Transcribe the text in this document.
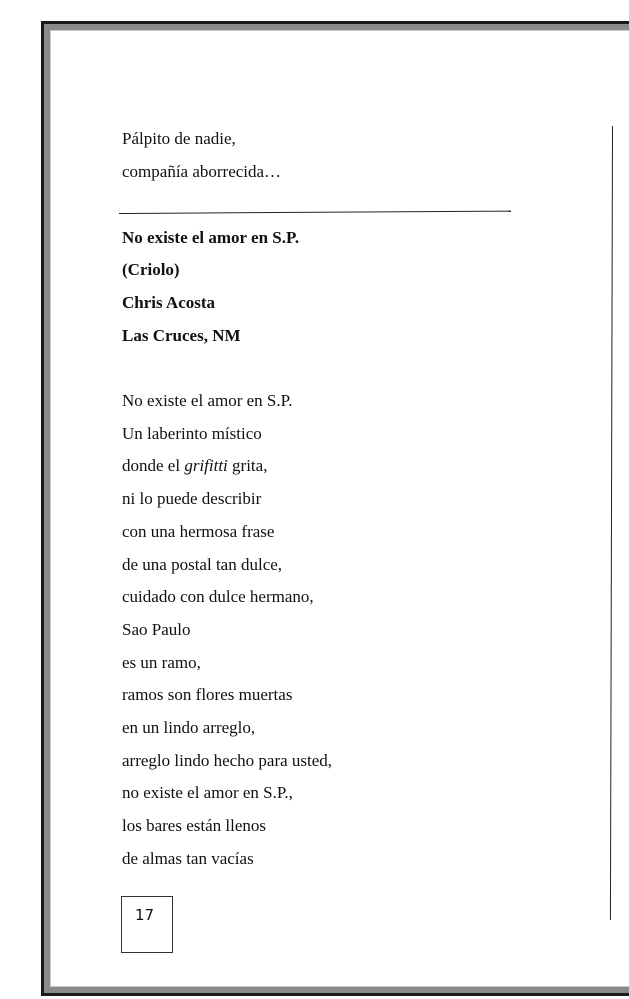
Pálpito de nadie,
compañía aborrecida…
No existe el amor en S.P.
(Criolo)
Chris Acosta
Las Cruces, NM
No existe el amor en S.P.
Un laberinto místico
donde el grifitti grita,
ni lo puede describir
con una hermosa frase
de una postal tan dulce,
cuidado con dulce hermano,
Sao Paulo
es un ramo,
ramos son flores muertas
en un lindo arreglo,
arreglo lindo hecho para usted,
no existe el amor en S.P.,
los bares están llenos
de almas tan vacías
17
